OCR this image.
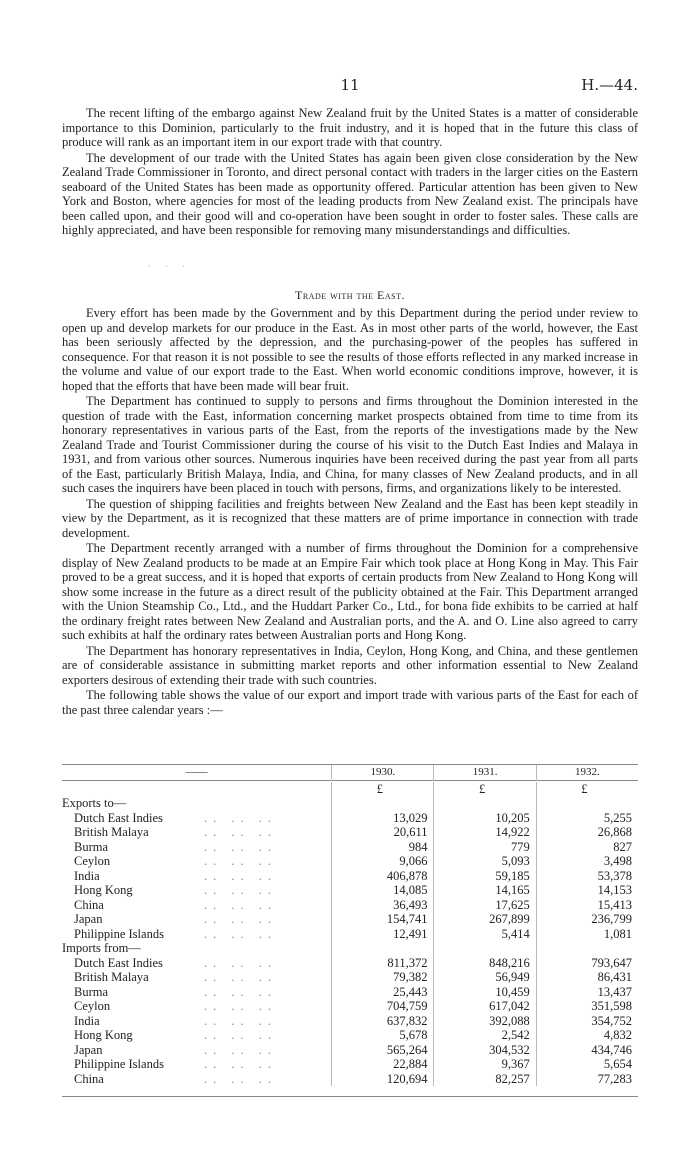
11	H.—44.

The recent lifting of the embargo against New Zealand fruit by the United States is a matter of considerable importance to this Dominion, particularly to the fruit industry, and it is hoped that in the future this class of produce will rank as an important item in our export trade with that country.

The development of our trade with the United States has again been given close consideration by the New Zealand Trade Commissioner in Toronto, and direct personal contact with traders in the larger cities on the Eastern seaboard of the United States has been made as opportunity offered. Particular attention has been given to New York and Boston, where agencies for most of the leading products from New Zealand exist. The principals have been called upon, and their good will and co-operation have been sought in order to foster sales. These calls are highly appreciated, and have been responsible for removing many misunderstandings and difficulties.

· · ·
Trade with the East.

Every effort has been made by the Government and by this Department during the period under review to open up and develop markets for our produce in the East. As in most other parts of the world, however, the East has been seriously affected by the depression, and the purchasing-power of the peoples has suffered in consequence. For that reason it is not possible to see the results of those efforts reflected in any marked increase in the volume and value of our export trade to the East. When world economic conditions improve, however, it is hoped that the efforts that have been made will bear fruit.

The Department has continued to supply to persons and firms throughout the Dominion interested in the question of trade with the East, information concerning market prospects obtained from time to time from its honorary representatives in various parts of the East, from the reports of the investigations made by the New Zealand Trade and Tourist Commissioner during the course of his visit to the Dutch East Indies and Malaya in 1931, and from various other sources. Numerous inquiries have been received during the past year from all parts of the East, particularly British Malaya, India, and China, for many classes of New Zealand products, and in all such cases the inquirers have been placed in touch with persons, firms, and organizations likely to be interested.

The question of shipping facilities and freights between New Zealand and the East has been kept steadily in view by the Department, as it is recognized that these matters are of prime importance in connection with trade development.

The Department recently arranged with a number of firms throughout the Dominion for a comprehensive display of New Zealand products to be made at an Empire Fair which took place at Hong Kong in May. This Fair proved to be a great success, and it is hoped that exports of certain products from New Zealand to Hong Kong will show some increase in the future as a direct result of the publicity obtained at the Fair. This Department arranged with the Union Steamship Co., Ltd., and the Huddart Parker Co., Ltd., for bona fide exhibits to be carried at half the ordinary freight rates between New Zealand and Australian ports, and the A. and O. Line also agreed to carry such exhibits at half the ordinary rates between Australian ports and Hong Kong.

The Department has honorary representatives in India, Ceylon, Hong Kong, and China, and these gentlemen are of considerable assistance in submitting market reports and other information essential to New Zealand exporters desirous of extending their trade with such countries.

The following table shows the value of our export and import trade with various parts of the East for each of the past three calendar years :—

——	1930.	1931.	1932.

	£	£	£
Exports to—			
Dutch East Indies .. .. ..	13,029	10,205	5,255
British Malaya .. .. ..	20,611	14,922	26,868
Burma .. .. ..	984	779	827
Ceylon .. .. ..	9,066	5,093	3,498
India .. .. ..	406,878	59,185	53,378
Hong Kong .. .. ..	14,085	14,165	14,153
China .. .. ..	36,493	17,625	15,413
Japan .. .. ..	154,741	267,899	236,799
Philippine Islands .. .. ..	12,491	5,414	1,081
Imports from—			
Dutch East Indies .. .. ..	811,372	848,216	793,647
British Malaya .. .. ..	79,382	56,949	86,431
Burma .. .. ..	25,443	10,459	13,437
Ceylon .. .. ..	704,759	617,042	351,598
India .. .. ..	637,832	392,088	354,752
Hong Kong .. .. ..	5,678	2,542	4,832
Japan .. .. ..	565,264	304,532	434,746
Philippine Islands .. .. ..	22,884	9,367	5,654
China .. .. ..	120,694	82,257	77,283
